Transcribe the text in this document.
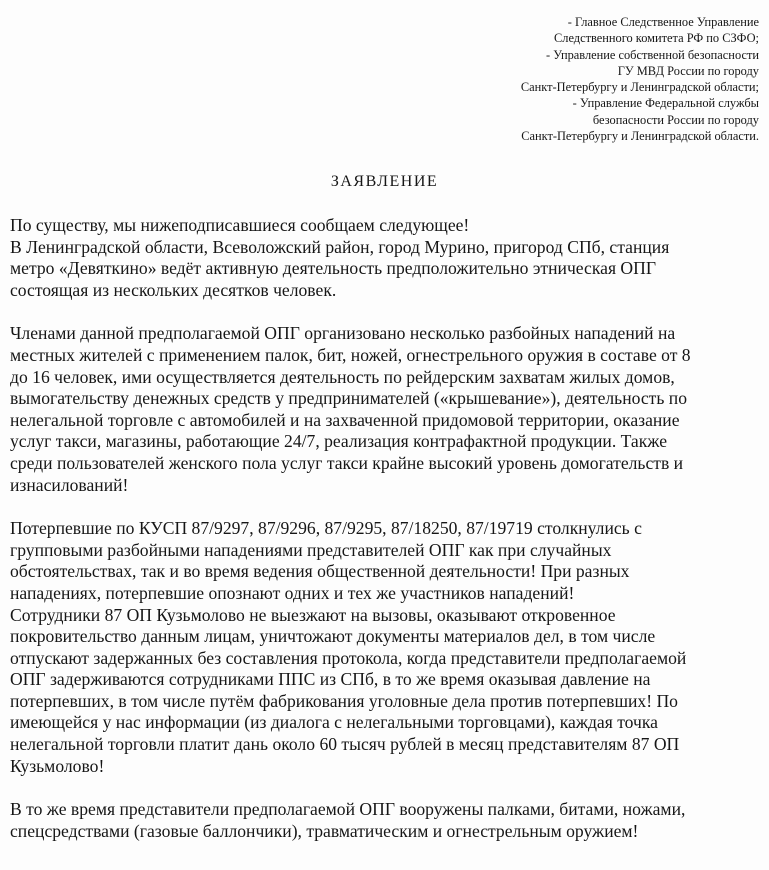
- Главное Следственное Управление
Следственного комитета РФ по СЗФО;
- Управление собственной безопасности
ГУ МВД России по городу
Санкт-Петербургу и Ленинградской области;
- Управление Федеральной службы
безопасности России по городу
Санкт-Петербургу и Ленинградской области.
ЗАЯВЛЕНИЕ
По существу, мы нижеподписавшиеся сообщаем следующее!
В Ленинградской области, Всеволожский район, город Мурино, пригород СПб, станция
метро «Девяткино» ведёт активную деятельность предположительно этническая ОПГ
состоящая из нескольких десятков человек.
Членами данной предполагаемой ОПГ организовано несколько разбойных нападений на
местных жителей с применением палок, бит, ножей, огнестрельного оружия в составе от 8
до 16 человек, ими осуществляется деятельность по рейдерским захватам жилых домов,
вымогательству денежных средств у предпринимателей («крышевание»), деятельность по
нелегальной торговле с автомобилей и на захваченной придомовой территории, оказание
услуг такси, магазины, работающие 24/7, реализация контрафактной продукции. Также
среди пользователей женского пола услуг такси крайне высокий уровень домогательств и
изнасилований!
Потерпевшие по КУСП 87/9297, 87/9296, 87/9295, 87/18250, 87/19719 столкнулись с
групповыми разбойными нападениями представителей ОПГ как при случайных
обстоятельствах, так и во время ведения общественной деятельности! При разных
нападениях, потерпевшие опознают одних и тех же участников нападений!
Сотрудники 87 ОП Кузьмолово не выезжают на вызовы, оказывают откровенное
покровительство данным лицам, уничтожают документы материалов дел, в том числе
отпускают задержанных без составления протокола, когда представители предполагаемой
ОПГ задерживаются сотрудниками ППС из СПб, в то же время оказывая давление на
потерпевших, в том числе путём фабрикования уголовные дела против потерпевших! По
имеющейся у нас информации (из диалога с нелегальными торговцами), каждая точка
нелегальной торговли платит дань около 60 тысяч рублей в месяц представителям 87 ОП
Кузьмолово!
В то же время представители предполагаемой ОПГ вооружены палками, битами, ножами,
спецсредствами (газовые баллончики), травматическим и огнестрельным оружием!
